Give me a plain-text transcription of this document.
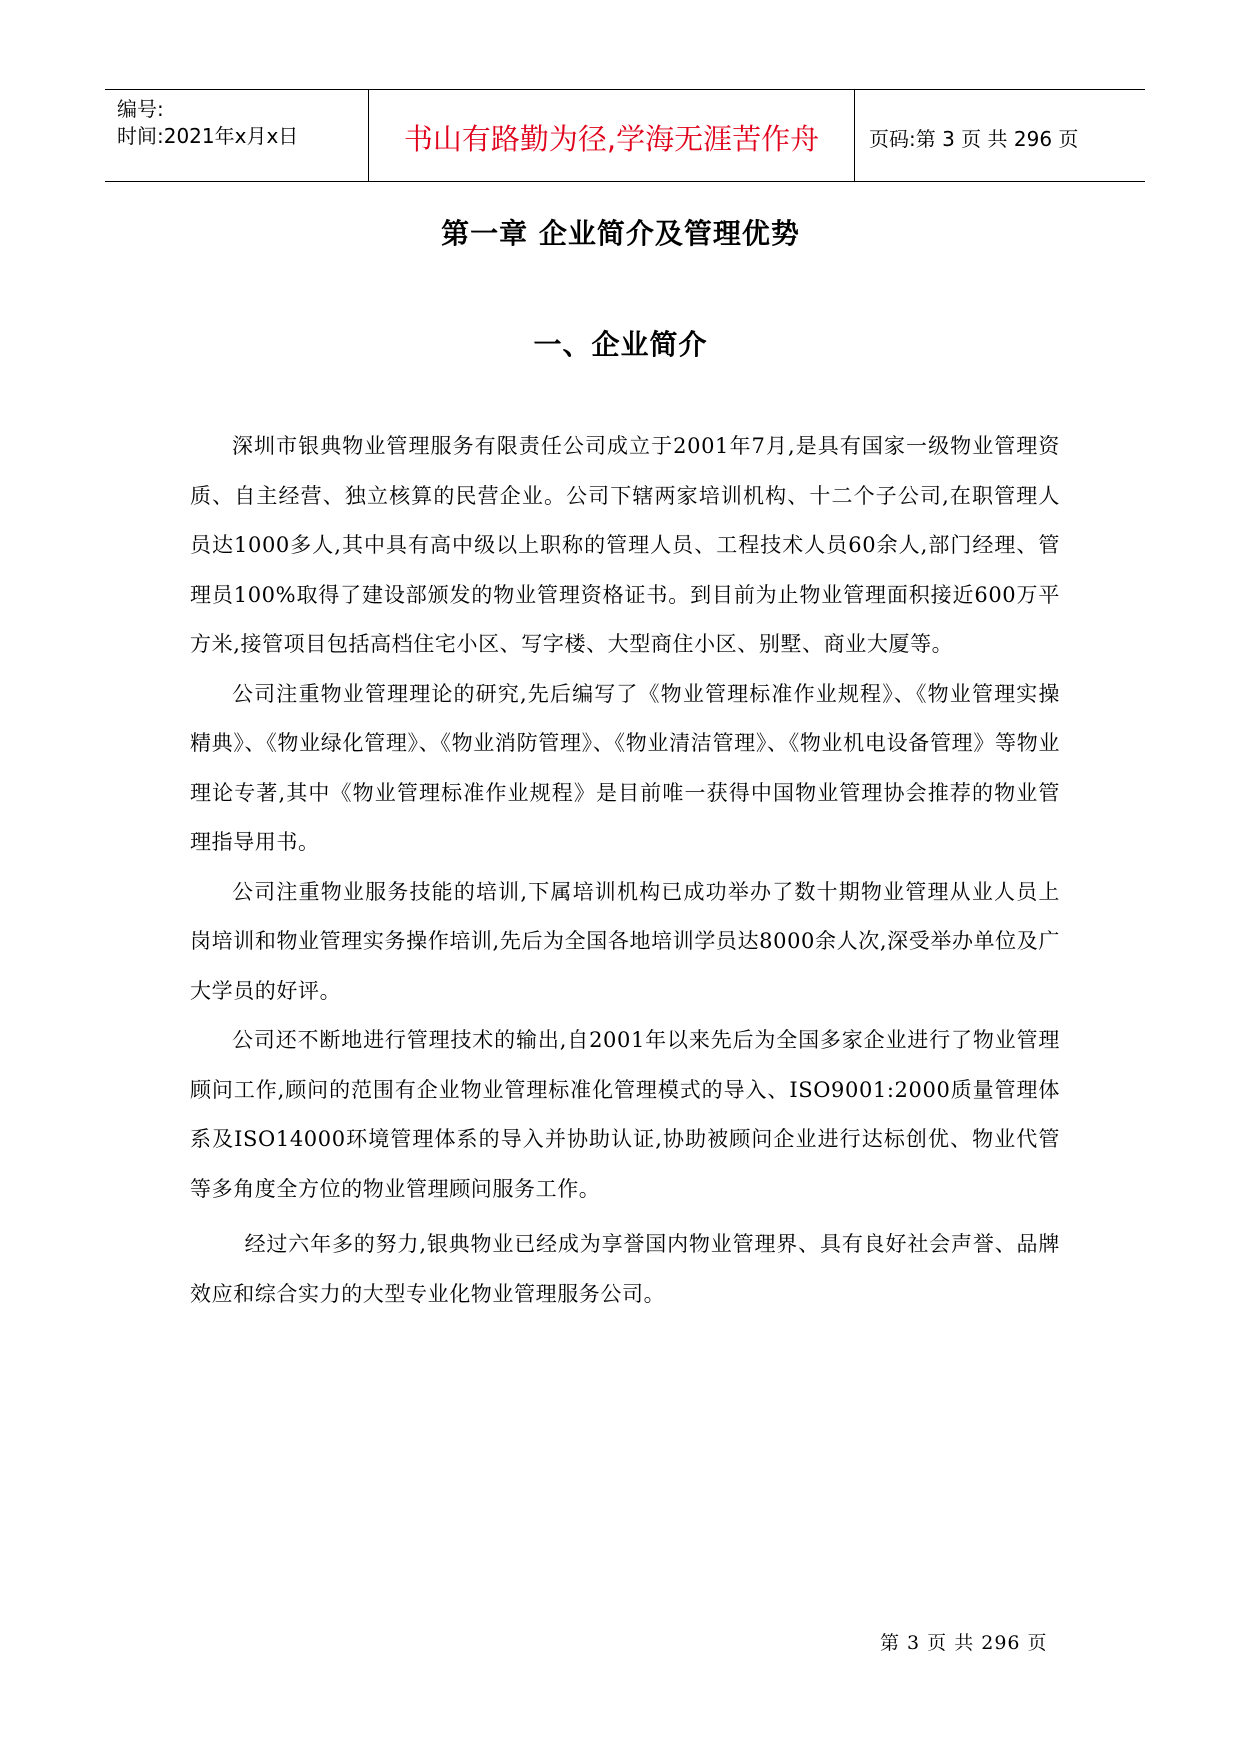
编号:
时间:2021年x月x日	书山有路勤为径,学海无涯苦作舟	页码:第 3 页 共 296 页
第一章 企业简介及管理优势
一、企业简介

深圳市银典物业管理服务有限责任公司成立于2001年7月,是具有国家一级物业管理资质、自主经营、独立核算的民营企业。公司下辖两家培训机构、十二个子公司,在职管理人员达1000多人,其中具有高中级以上职称的管理人员、工程技术人员60余人,部门经理、管理员100%取得了建设部颁发的物业管理资格证书。到目前为止物业管理面积接近600万平方米,接管项目包括高档住宅小区、写字楼、大型商住小区、别墅、商业大厦等。

公司注重物业管理理论的研究,先后编写了《物业管理标准作业规程》、《物业管理实操精典》、《物业绿化管理》、《物业消防管理》、《物业清洁管理》、《物业机电设备管理》等物业理论专著,其中《物业管理标准作业规程》是目前唯一获得中国物业管理协会推荐的物业管理指导用书。

公司注重物业服务技能的培训,下属培训机构已成功举办了数十期物业管理从业人员上岗培训和物业管理实务操作培训,先后为全国各地培训学员达8000余人次,深受举办单位及广大学员的好评。

公司还不断地进行管理技术的输出,自2001年以来先后为全国多家企业进行了物业管理顾问工作,顾问的范围有企业物业管理标准化管理模式的导入、ISO9001:2000质量管理体系及ISO14000环境管理体系的导入并协助认证,协助被顾问企业进行达标创优、物业代管等多角度全方位的物业管理顾问服务工作。

经过六年多的努力,银典物业已经成为享誉国内物业管理界、具有良好社会声誉、品牌效应和综合实力的大型专业化物业管理服务公司。

第 3 页 共 296 页
